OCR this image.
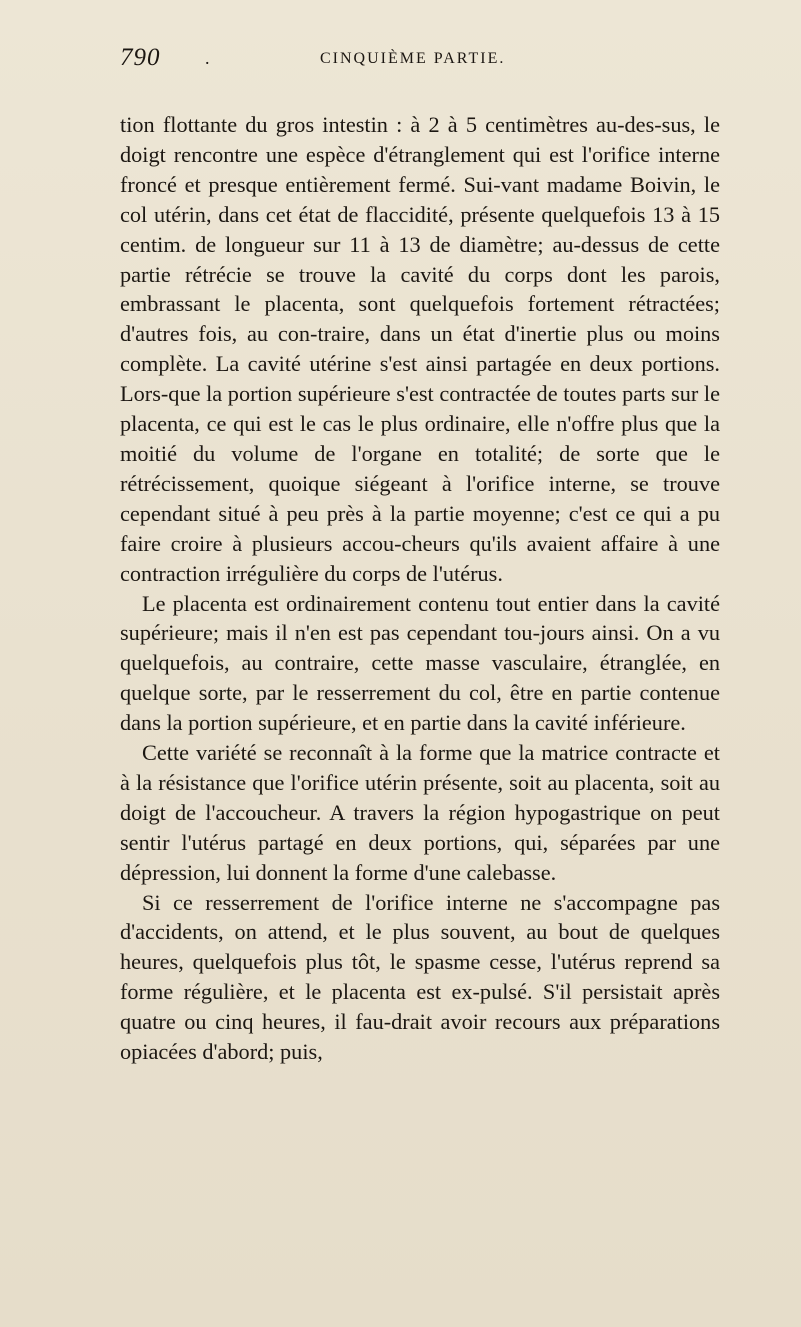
790 .	CINQUIÈME PARTIE.

tion flottante du gros intestin : à 2 à 5 centimètres au-des-sus, le doigt rencontre une espèce d'étranglement qui est l'orifice interne froncé et presque entièrement fermé. Sui-vant madame Boivin, le col utérin, dans cet état de flaccidité, présente quelquefois 13 à 15 centim. de longueur sur 11 à 13 de diamètre; au-dessus de cette partie rétrécie se trouve la cavité du corps dont les parois, embrassant le placenta, sont quelquefois fortement rétractées; d'autres fois, au con-traire, dans un état d'inertie plus ou moins complète. La cavité utérine s'est ainsi partagée en deux portions. Lors-que la portion supérieure s'est contractée de toutes parts sur le placenta, ce qui est le cas le plus ordinaire, elle n'offre plus que la moitié du volume de l'organe en totalité; de sorte que le rétrécissement, quoique siégeant à l'orifice interne, se trouve cependant situé à peu près à la partie moyenne; c'est ce qui a pu faire croire à plusieurs accou-cheurs qu'ils avaient affaire à une contraction irrégulière du corps de l'utérus.

Le placenta est ordinairement contenu tout entier dans la cavité supérieure; mais il n'en est pas cependant tou-jours ainsi. On a vu quelquefois, au contraire, cette masse vasculaire, étranglée, en quelque sorte, par le resserrement du col, être en partie contenue dans la portion supérieure, et en partie dans la cavité inférieure.

Cette variété se reconnaît à la forme que la matrice contracte et à la résistance que l'orifice utérin présente, soit au placenta, soit au doigt de l'accoucheur. A travers la région hypogastrique on peut sentir l'utérus partagé en deux portions, qui, séparées par une dépression, lui donnent la forme d'une calebasse.

Si ce resserrement de l'orifice interne ne s'accompagne pas d'accidents, on attend, et le plus souvent, au bout de quelques heures, quelquefois plus tôt, le spasme cesse, l'utérus reprend sa forme régulière, et le placenta est ex-pulsé. S'il persistait après quatre ou cinq heures, il fau-drait avoir recours aux préparations opiacées d'abord; puis,
